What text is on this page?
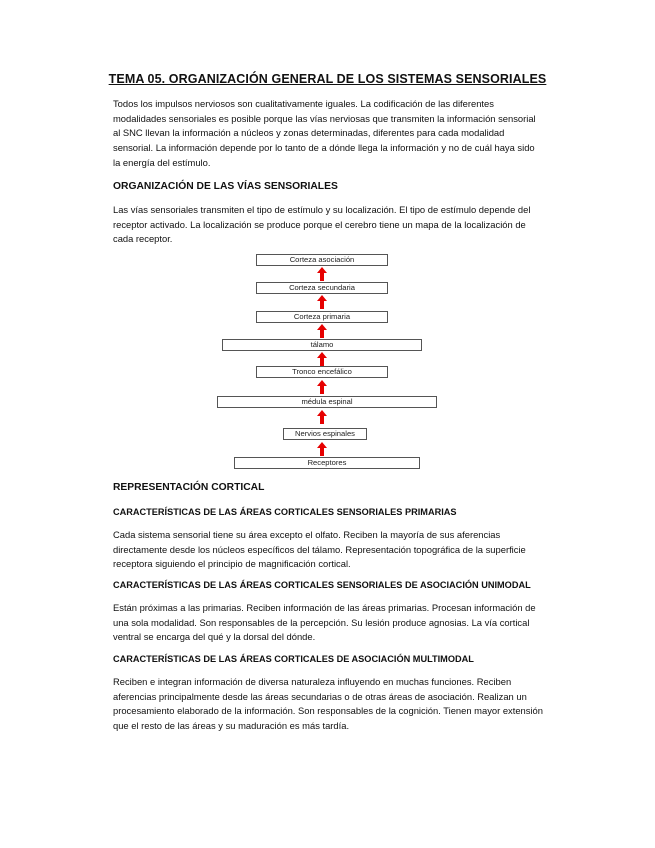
TEMA 05. ORGANIZACIÓN GENERAL DE LOS SISTEMAS SENSORIALES
Todos los impulsos nerviosos son cualitativamente iguales. La codificación de las diferentes modalidades sensoriales es posible porque las vías nerviosas que transmiten la información sensorial al SNC llevan la información a núcleos y zonas determinadas, diferentes para cada modalidad sensorial. La información depende por lo tanto de a dónde llega la información y no de cuál haya sido la energía del estímulo.
ORGANIZACIÓN DE LAS VÍAS SENSORIALES
Las vías sensoriales transmiten el tipo de estímulo y su localización. El tipo de estímulo depende del receptor activado. La localización se produce porque el cerebro tiene un mapa de la localización de cada receptor.
Corteza asociación
Corteza secundaria
Corteza primaria
tálamo
Tronco encefálico
médula espinal
Nervios espinales
Receptores
REPRESENTACIÓN CORTICAL
CARACTERÍSTICAS DE LAS ÁREAS CORTICALES SENSORIALES PRIMARIAS
Cada sistema sensorial tiene su área excepto el olfato. Reciben la mayoría de sus aferencias directamente desde los núcleos específicos del tálamo. Representación topográfica de la superficie receptora siguiendo el principio de magnificación cortical.
CARACTERÍSTICAS DE LAS ÁREAS CORTICALES SENSORIALES DE ASOCIACIÓN UNIMODAL
Están próximas a las primarias. Reciben información de las áreas primarias. Procesan información de una sola modalidad. Son responsables de la percepción. Su lesión produce agnosias. La vía cortical ventral se encarga del qué y la dorsal del dónde.
CARACTERÍSTICAS DE LAS ÁREAS CORTICALES DE ASOCIACIÓN MULTIMODAL
Reciben e integran información de diversa naturaleza influyendo en muchas funciones. Reciben aferencias principalmente desde las áreas secundarias o de otras áreas de asociación. Realizan un procesamiento elaborado de la información. Son responsables de la cognición. Tienen mayor extensión que el resto de las áreas y su maduración es más tardía.
